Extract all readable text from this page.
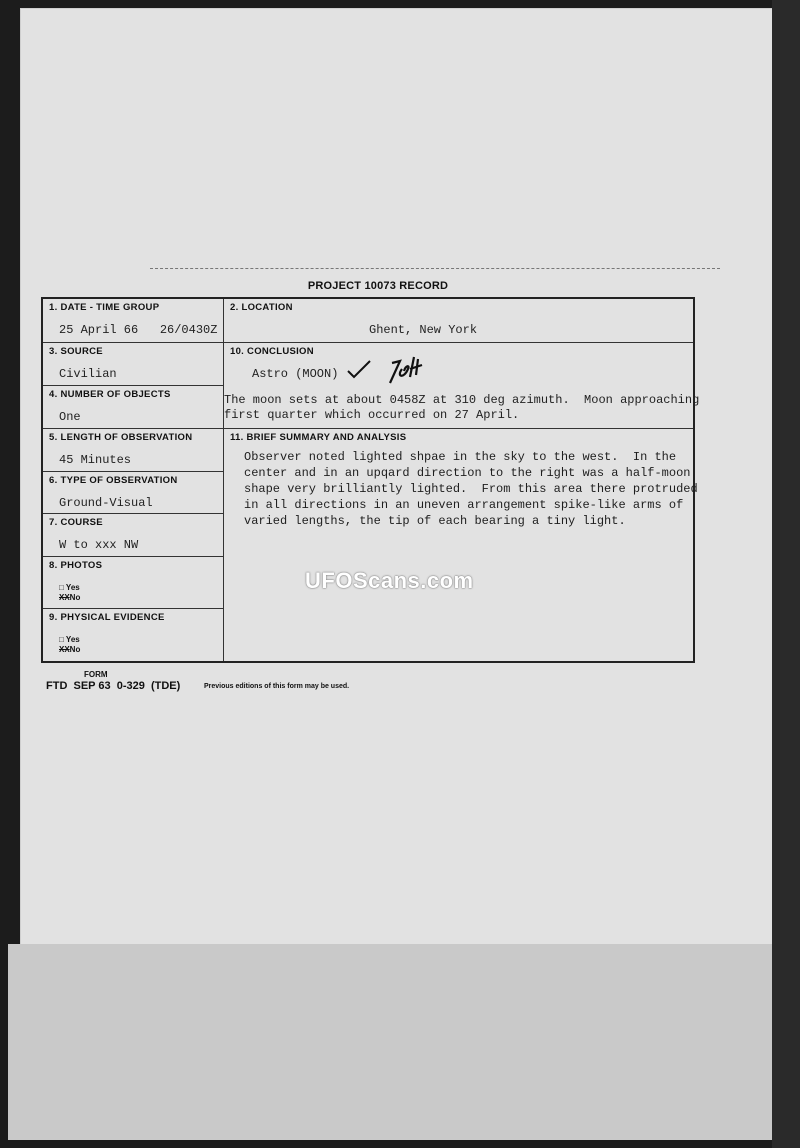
PROJECT 10073 RECORD
1. DATE - TIME GROUP
25 April 66   26/0430Z
2. LOCATION
Ghent, New York
3. SOURCE
Civilian
4. NUMBER OF OBJECTS
One
10. CONCLUSION
Astro (MOON)
The moon sets at about 0458Z at 310 deg azimuth.  Moon approaching
first quarter which occurred on 27 April.
5. LENGTH OF OBSERVATION
45 Minutes
6. TYPE OF OBSERVATION
Ground-Visual
7. COURSE
W to xxx NW
8. PHOTOS
□ Yes
XXNo
9. PHYSICAL EVIDENCE
□ Yes
XXNo
11. BRIEF SUMMARY AND ANALYSIS
Observer noted lighted shpae in the sky to the west.  In the
center and in an upqard direction to the right was a half-moon
shape very brilliantly lighted.  From this area there protruded
in all directions in an uneven arrangement spike-like arms of
varied lengths, the tip of each bearing a tiny light.
FORM
FTD  SEP 63  0-329  (TDE)	Previous editions of this form may be used.
UFOScans.com
